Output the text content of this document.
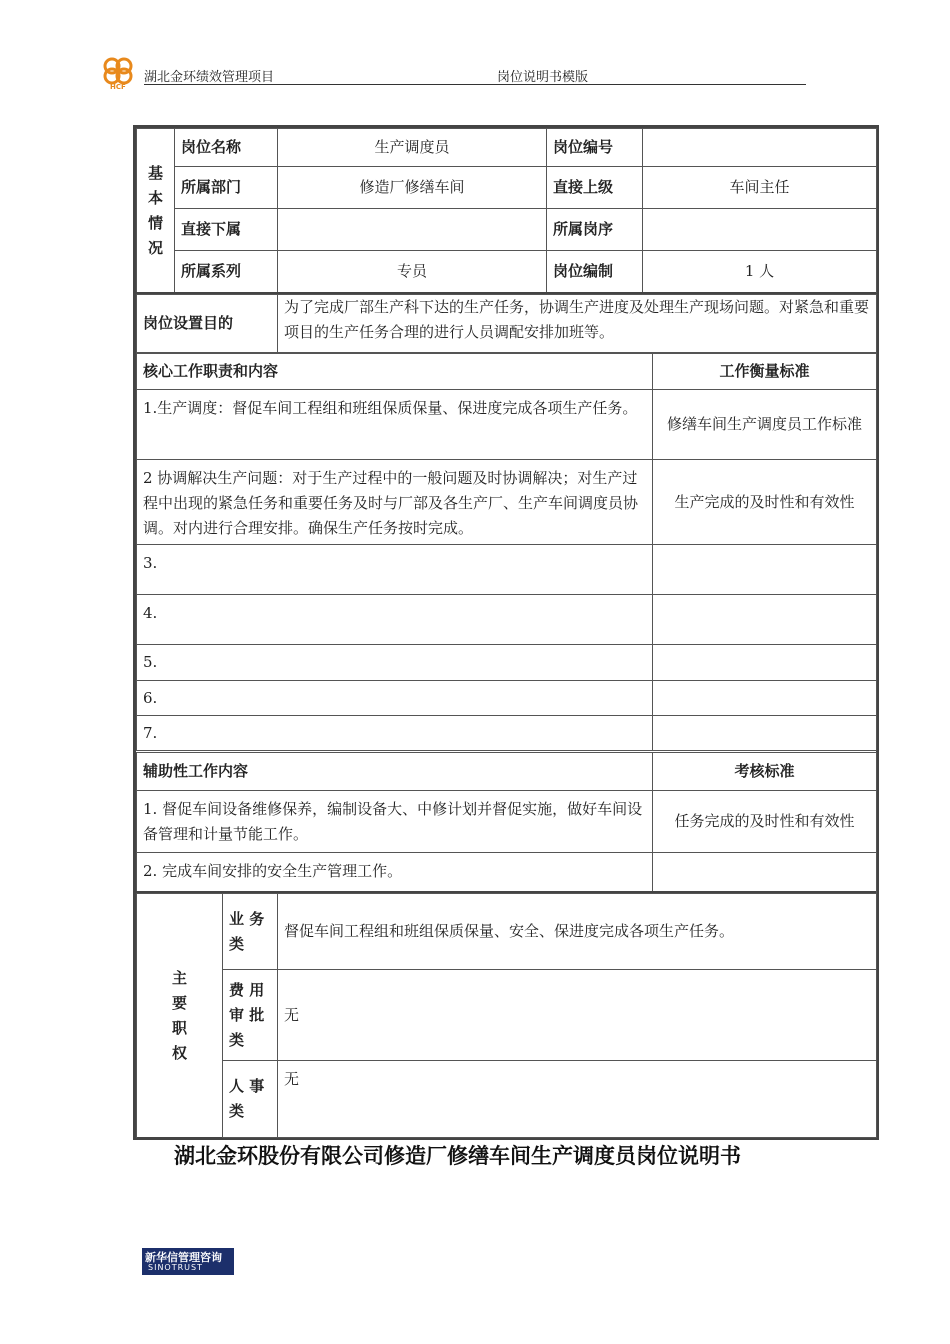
HCF
湖北金环绩效管理项目	岗位说明书模版
基
本
情
况	岗位名称	生产调度员	岗位编号	
	所属部门	修造厂修缮车间	直接上级	车间主任
	直接下属		所属岗序	
	所属系列	专员	岗位编制	1 人
岗位设置目的	为了完成厂部生产科下达的生产任务，协调生产进度及处理生产现场问题。对紧急和重要项目的生产任务合理的进行人员调配安排加班等。
核心工作职责和内容	工作衡量标准
1.生产调度：督促车间工程组和班组保质保量、保进度完成各项生产任务。	修缮车间生产调度员工作标准
2 协调解决生产问题：对于生产过程中的一般问题及时协调解决；对生产过程中出现的紧急任务和重要任务及时与厂部及各生产厂、生产车间调度员协调。对内进行合理安排。确保生产任务按时完成。	生产完成的及时性和有效性
3.	
4.	
5.	
6.	
7.	
辅助性工作内容	考核标准
1. 督促车间设备维修保养，编制设备大、中修计划并督促实施，做好车间设备管理和计量节能工作。	任务完成的及时性和有效性
2. 完成车间安排的安全生产管理工作。	
主
要
职
权	业 务 类	督促车间工程组和班组保质保量、安全、保进度完成各项生产任务。
	费 用 审 批 类	无
	人 事 类	无
湖北金环股份有限公司修造厂修缮车间生产调度员岗位说明书
新华信管理咨询
SINOTRUST
